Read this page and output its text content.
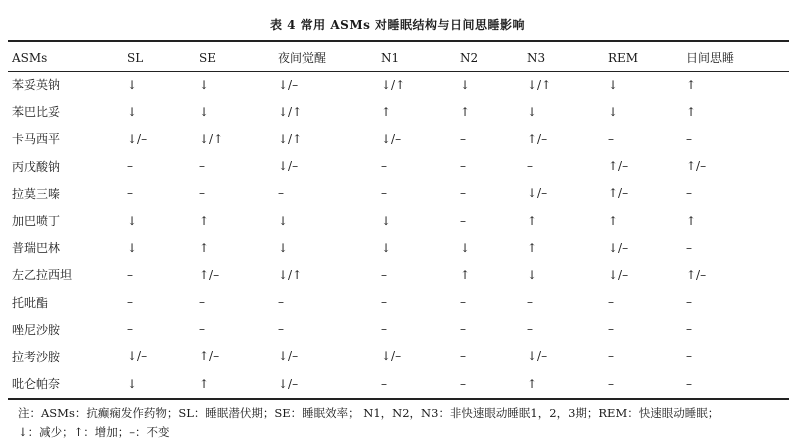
表 4 常用 ASMs 对睡眠结构与日间思睡影响
ASMs	SL	SE	夜间觉醒	N1	N2	N3	REM	日间思睡
苯妥英钠	↓	↓	↓/–	↓/↑	↓	↓/↑	↓	↑
苯巴比妥	↓	↓	↓/↑	↑	↑	↓	↓	↑
卡马西平	↓/–	↓/↑	↓/↑	↓/–	–	↑/–	–	–
丙戊酸钠	–	–	↓/–	–	–	–	↑/–	↑/–
拉莫三嗪	–	–	–	–	–	↓/–	↑/–	–
加巴喷丁	↓	↑	↓	↓	–	↑	↑	↑
普瑞巴林	↓	↑	↓	↓	↓	↑	↓/–	–
左乙拉西坦	–	↑/–	↓/↑	–	↑	↓	↓/–	↑/–
托吡酯	–	–	–	–	–	–	–	–
唑尼沙胺	–	–	–	–	–	–	–	–
拉考沙胺	↓/–	↑/–	↓/–	↓/–	–	↓/–	–	–
吡仑帕奈	↓	↑	↓/–	–	–	↑	–	–
注：ASMs：抗癫痫发作药物；SL：睡眠潜伏期；SE：睡眠效率； N1，N2，N3：非快速眼动睡眠1，2，3期；REM：快速眼动睡眠；
↓：减少；↑：增加；–：不变
